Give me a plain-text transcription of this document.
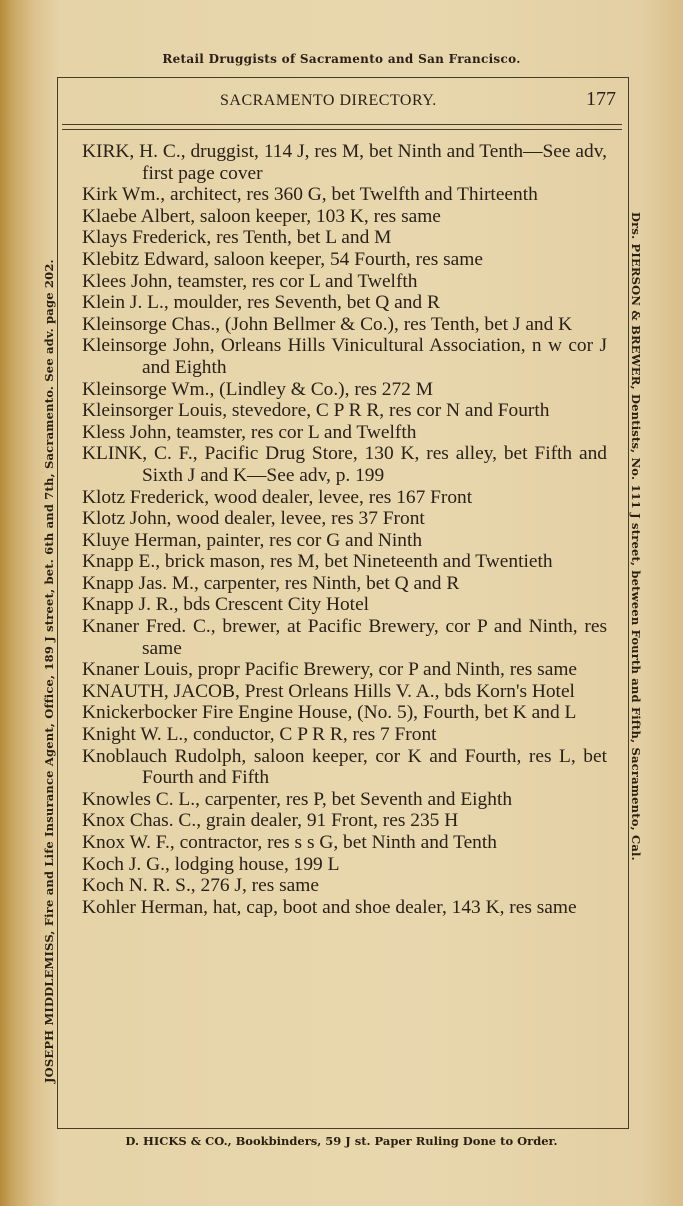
Retail Druggists of Sacramento and San Francisco.
SACRAMENTO DIRECTORY.	177
KIRK, H. C., druggist, 114 J, res M, bet Ninth and Tenth—See adv, first page cover
Kirk Wm., architect, res 360 G, bet Twelfth and Thirteenth
Klaebe Albert, saloon keeper, 103 K, res same
Klays Frederick, res Tenth, bet L and M
Klebitz Edward, saloon keeper, 54 Fourth, res same
Klees John, teamster, res cor L and Twelfth
Klein J. L., moulder, res Seventh, bet Q and R
Kleinsorge Chas., (John Bellmer & Co.), res Tenth, bet J and K
Kleinsorge John, Orleans Hills Vinicultural Association, n w cor J and Eighth
Kleinsorge Wm., (Lindley & Co.), res 272 M
Kleinsorger Louis, stevedore, C P R R, res cor N and Fourth
Kless John, teamster, res cor L and Twelfth
KLINK, C. F., Pacific Drug Store, 130 K, res alley, bet Fifth and Sixth J and K—See adv, p. 199
Klotz Frederick, wood dealer, levee, res 167 Front
Klotz John, wood dealer, levee, res 37 Front
Kluye Herman, painter, res cor G and Ninth
Knapp E., brick mason, res M, bet Nineteenth and Twentieth
Knapp Jas. M., carpenter, res Ninth, bet Q and R
Knapp J. R., bds Crescent City Hotel
Knaner Fred. C., brewer, at Pacific Brewery, cor P and Ninth, res same
Knaner Louis, propr Pacific Brewery, cor P and Ninth, res same
KNAUTH, JACOB, Prest Orleans Hills V. A., bds Korn's Hotel
Knickerbocker Fire Engine House, (No. 5), Fourth, bet K and L
Knight W. L., conductor, C P R R, res 7 Front
Knoblauch Rudolph, saloon keeper, cor K and Fourth, res L, bet Fourth and Fifth
Knowles C. L., carpenter, res P, bet Seventh and Eighth
Knox Chas. C., grain dealer, 91 Front, res 235 H
Knox W. F., contractor, res s s G, bet Ninth and Tenth
Koch J. G., lodging house, 199 L
Koch N. R. S., 276 J, res same
Kohler Herman, hat, cap, boot and shoe dealer, 143 K, res same
JOSEPH MIDDLEMISS, Fire and Life Insurance Agent, Office, 189 J street, bet. 6th and 7th, Sacramento. See adv. page 202.	Drs. PIERSON & BREWER, Dentists, No. 111 J street, between Fourth and Fifth, Sacramento, Cal.
D. HICKS & CO., Bookbinders, 59 J st. Paper Ruling Done to Order.
